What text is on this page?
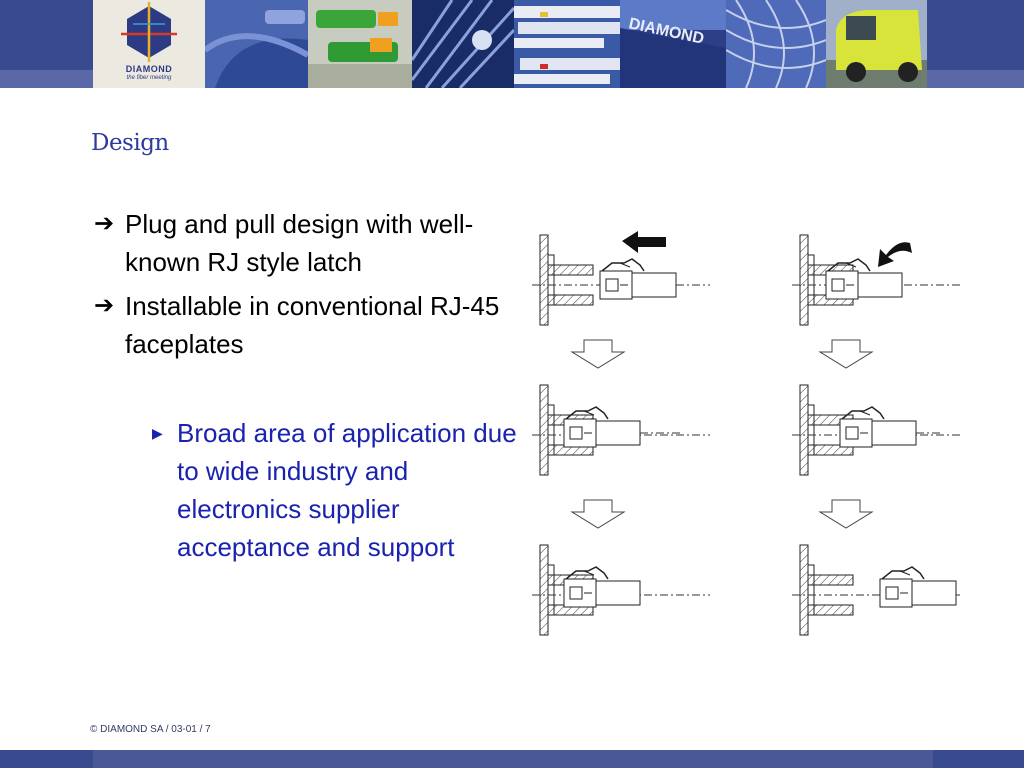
DIAMOND
the fiber meeting
DIAMOND
Design
➔ Plug and pull design with well-known RJ style latch
➔ Installable in conventional RJ-45 faceplates
▶ Broad area of application due to wide industry and electronics supplier acceptance and support
© DIAMOND SA / 03-01 / 7
